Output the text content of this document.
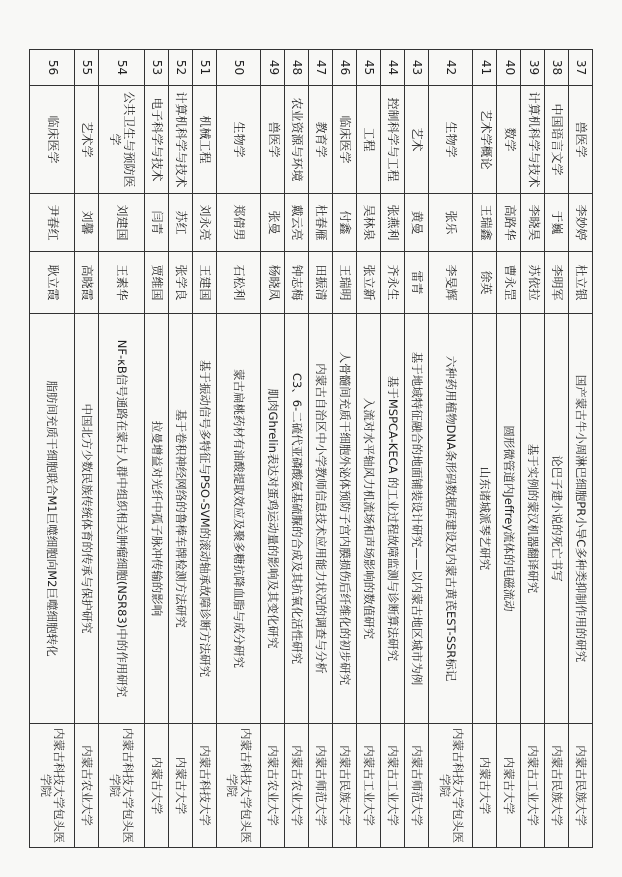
37	兽医学	李妙婷	杜立银	国产蒙古牛小周淋巴细胞PR小导C多种类抑制作用的研究	内蒙古民族大学
38	中国语言文学	于巍	李明军	论巴子建小说的死亡书写	内蒙古民族大学
39	计算机科学与技术	李晓昊	苏依拉	基于实例的蒙汉机器翻译研究	内蒙古工业大学
40	数学	高路华	曹永罡	圆形微管道内Jeffrey流体的电磁流动	内蒙古大学
41	艺术学概论	王瑞鑫	徐英	山东诸城派琴艺研究	内蒙古大学
42	生物学	张乐	李旻辉	六种药用植物DNA条形码数据库建设及内蒙古黄芪EST-SSR标记	内蒙古科技大学包头医学院
43	艺术	黄曼	雷青	基于地域特征融合的地面铺装设计研究——以内蒙古地区城市为例	内蒙古师范大学
44	控制科学与工程	张燕利	齐永生	基于MSPCA-KECA 的工业过程故障监测与诊断算法研究	内蒙古工业大学
45	工程	吴林泉	张立新	入流对水平轴风力机流场和声场影响的数值研究	内蒙古工业大学
46	临床医学	付鑫	王瑞明	人骨髓间充质干细胞外泌体预防子宫内膜损伤后纤维化的初步研究	内蒙古民族大学
47	教育学	杜春雁	田振清	内蒙古自治区中小学教师信息技术应用能力状况的调查与分析	内蒙古师范大学
48	农业资源与环境	戴云亮	钟志梅	C3、6-二硫代亚磷酸氨基硫脲的合成及其抗氧化活性研究	内蒙古农业大学
49	兽医学	张曼	杨晓凤	肌肉Ghrelin表达对蛋鸡运动量的影响及其变化研究	内蒙古农业大学
50	生物学	郑倩男	石松利	蒙古扁桃药材有油酸提取效应及聚多糖抗降血脂与成分研究	内蒙古科技大学包头医学院
51	机械工程	刘永亮	王建国	基于振动信号多特征与PSO-SVM的滚动轴承故障诊断方法研究	内蒙古科技大学
52	计算机科学与技术	苏红	张学良	基于卷积神经网络的鲁棒车牌检测方法研究	内蒙古大学
53	电子科学与技术	闫青	贾维国	拉曼增益对光纤中孤子脉冲传输的影响	内蒙古大学
54	公共卫生与预防医学	刘建国	王素华	NF-κB信号通路在蒙古人群中组织相关肿瘤细胞(NSR83)中的作用研究	内蒙古科技大学包头医学院
55	艺术学	刘馨	高晓霞	中国北方少数民族传统体育的传承与保护研究	内蒙古农业大学
56	临床医学	尹春红	耿立霞	脂肪间充质干细胞联合M1巨噬细胞向M2巨噬细胞转化	内蒙古科技大学包头医学院
